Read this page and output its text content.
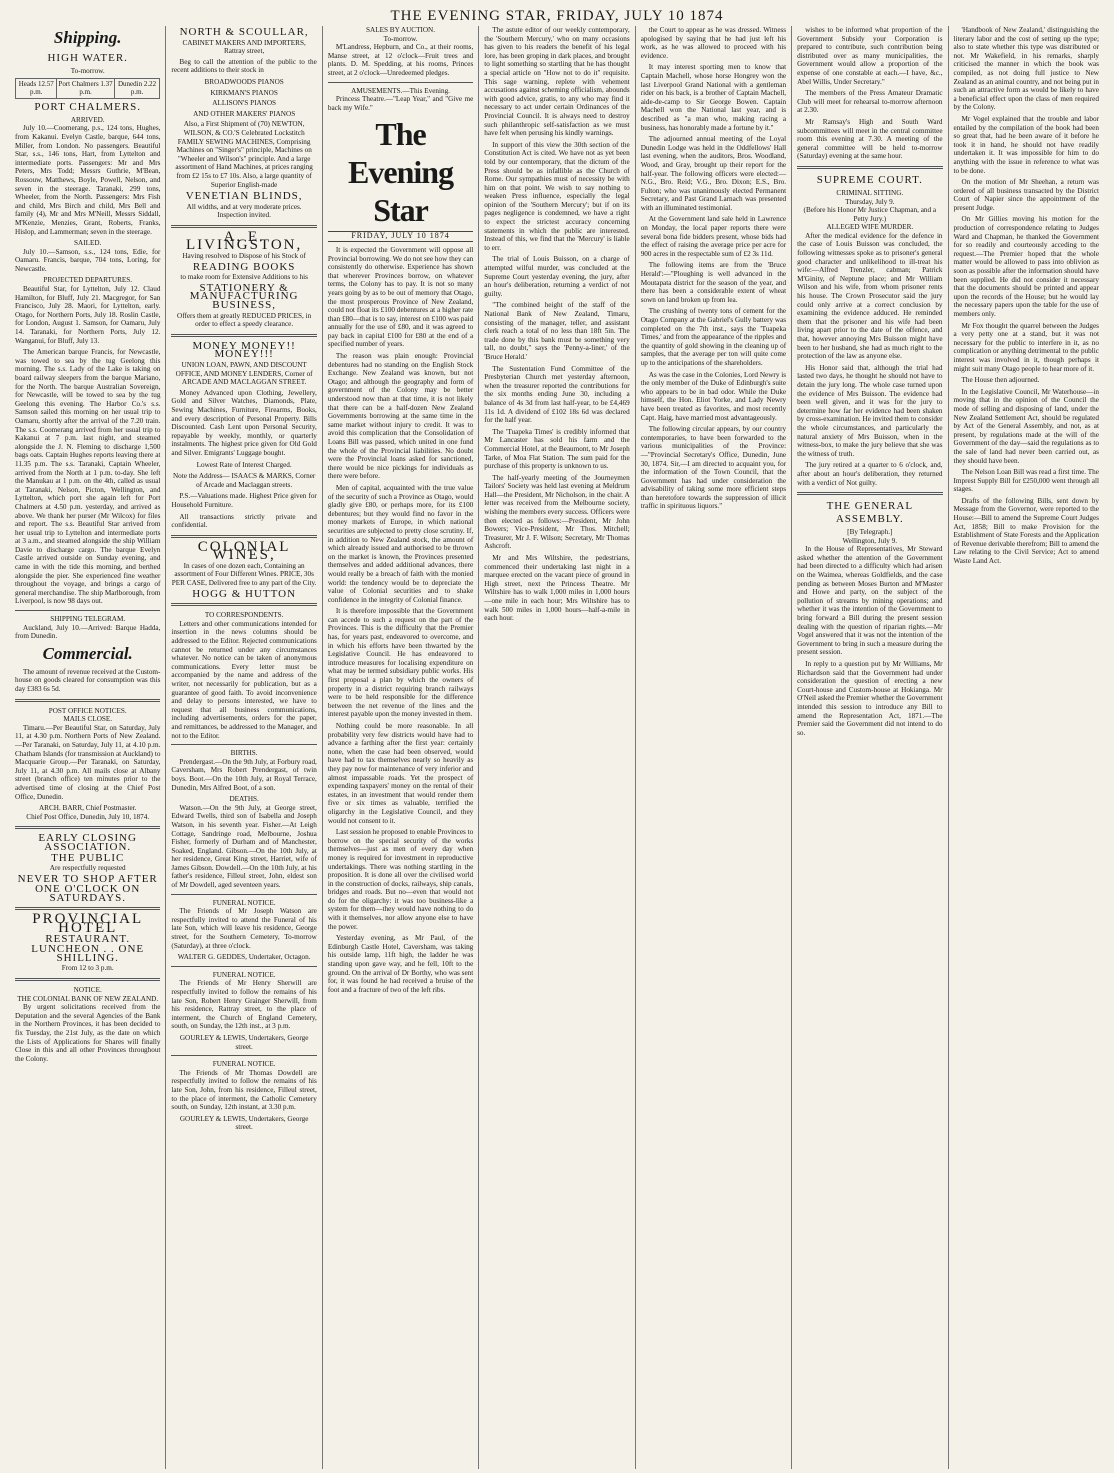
THE EVENING STAR, FRIDAY, JULY 10 1874
Shipping.
HIGH WATER.
To-morrow.
Heads 12.57 p.m.	Port Chalmers 1.37 p.m.	Dunedin 2.22 p.m.
PORT CHALMERS.
ARRIVED.

July 10.—Coomerang, p.s., 124 tons, Hughes, from Kakanui. Evelyn Castle, barque, 644 tons, Miller, from London. No passengers. Beautiful Star, s.s., 146 tons, Hart, from Lyttelton and intermediate ports. Passengers: Mr and Mrs Peters, Mrs Todd; Messrs Guthrie, M'Bean, Rossouw, Matthews, Boyle, Powell, Nelson, and seven in the steerage. Taranaki, 299 tons, Wheeler, from the North. Passengers: Mrs Fish and child, Mrs Birch and child, Mrs Bell and family (4), Mr and Mrs M'Neill, Messrs Siddall, M'Kenzie, Menzies, Grant, Roberts, Franks, Hislop, and Lammerman; seven in the steerage.

SAILED.

July 10.—Samson, s.s., 124 tons, Edie, for Oamaru. Francis, barque, 704 tons, Loring, for Newcastle.

PROJECTED DEPARTURES.

Beautiful Star, for Lyttelton, July 12. Claud Hamilton, for Bluff, July 21. Macgregor, for San Francisco, July 28. Maori, for Lyttelton, early. Otago, for Northern Ports, July 18. Roslin Castle, for London, August 1. Samson, for Oamaru, July 14. Taranaki, for Northern Ports, July 12. Wanganui, for Bluff, July 13.

The American barque Francis, for Newcastle, was towed to sea by the tug Geelong this morning. The s.s. Lady of the Lake is taking on board railway sleepers from the barque Mariano, for the North. The barque Australian Sovereign, for Newcastle, will be towed to sea by the tug Geelong this evening. The Harbor Co.'s s.s. Samson sailed this morning on her usual trip to Oamaru, shortly after the arrival of the 7.20 train. The s.s. Coomerang arrived from her usual trip to Kakanui at 7 p.m. last night, and steamed alongside the J. N. Fleming to discharge 1,500 bags oats. Captain Hughes reports leaving there at 11.35 p.m. The s.s. Taranaki, Captain Wheeler, arrived from the North at 1 p.m. to-day. She left the Manukau at 1 p.m. on the 4th, called as usual at Taranaki, Nelson, Picton, Wellington, and Lyttelton, which port she again left for Port Chalmers at 4.50 p.m. yesterday, and arrived as above. We thank her purser (Mr Wilcox) for files and report. The s.s. Beautiful Star arrived from her usual trip to Lyttelton and intermediate ports at 3 a.m., and steamed alongside the ship William Davie to discharge cargo. The barque Evelyn Castle arrived outside on Sunday evening, and came in with the tide this morning, and berthed alongside the pier. She experienced fine weather throughout the voyage, and brings a cargo of general merchandise. The ship Marlborough, from Liverpool, is now 98 days out.

SHIPPING TELEGRAM.

Auckland, July 10.—Arrived: Barque Hadda, from Dunedin.

Commercial.

The amount of revenue received at the Custom-house on goods cleared for consumption was this day £383 6s 5d.

POST OFFICE NOTICES.
MAILS CLOSE.

Timaru.—Per Beautiful Star, on Saturday, July 11, at 4.30 p.m. Northern Ports of New Zealand.—Per Taranaki, on Saturday, July 11, at 4.10 p.m. Chatham Islands (for transmission at Auckland) to Macquarie Group.—Per Taranaki, on Saturday, July 11, at 4.30 p.m. All mails close at Albany street (branch office) ten minutes prior to the advertised time of closing at the Chief Post Office, Dunedin.

ARCH. BARR, Chief Postmaster.
Chief Post Office, Dunedin, July 10, 1874.
EARLY CLOSING ASSOCIATION.
THE PUBLIC
Are respectfully requested
NEVER TO SHOP AFTER
ONE O'CLOCK ON SATURDAYS.
PROVINCIAL HOTEL
RESTAURANT.
LUNCHEON . . ONE SHILLING.
From 12 to 3 p.m.
NOTICE.
THE COLONIAL BANK OF NEW ZEALAND.

By urgent solicitations received from the Deputation and the several Agencies of the Bank in the Northern Provinces, it has been decided to fix Tuesday, the 21st July, as the date on which the Lists of Applications for Shares will finally Close in this and all other Provinces throughout the Colony.

NORTH & SCOULLAR,
CABINET MAKERS AND IMPORTERS, Rattray street,

Beg to call the attention of the public to the recent additions to their stock in

BROADWOODS PIANOS
KIRKMAN'S PIANOS
ALLISON'S PIANOS
AND OTHER MAKERS' PIANOS

Also, a First Shipment of (70) NEWTON, WILSON, & CO.'S Celebrated Lockstitch FAMILY SEWING MACHINES, Comprising Machines on "Singer's" principle, Machines on "Wheeler and Wilson's" principle. And a large assortment of Hand Machines, at prices ranging from £2 15s to £7 10s. Also, a large quantity of Superior English-made

VENETIAN BLINDS,

All widths, and at very moderate prices. Inspection invited.

A. E. LIVINGSTON,
Having resolved to Dispose of his Stock of
READING BOOKS
to make room for Extensive Additions to his
STATIONERY & MANUFACTURING BUSINESS,
Offers them at greatly REDUCED PRICES, in order to effect a speedy clearance.
MONEY MONEY!! MONEY!!!
UNION LOAN, PAWN, AND DISCOUNT OFFICE, AND MONEY LENDERS, Corner of ARCADE AND MACLAGGAN STREET.

Money Advanced upon Clothing, Jewellery, Gold and Silver Watches, Diamonds, Plate, Sewing Machines, Furniture, Firearms, Books, and every description of Personal Property. Bills Discounted. Cash Lent upon Personal Security, repayable by weekly, monthly, or quarterly instalments. The highest price given for Old Gold and Silver. Emigrants' Luggage bought.

Lowest Rate of Interest Charged.

Note the Address— ISAACS & MARKS, Corner of Arcade and Maclaggan streets.

P.S.—Valuations made. Highest Price given for Household Furniture.

All transactions strictly private and confidential.

COLONIAL WINES,
In cases of one dozen each, Containing an assortment of Four Different Wines. PRICE, 30s PER CASE, Delivered free to any part of the City.
HOGG & HUTTON
TO CORRESPONDENTS.

Letters and other communications intended for insertion in the news columns should be addressed to the Editor. Rejected communications cannot be returned under any circumstances whatever. No notice can be taken of anonymous communications. Every letter must be accompanied by the name and address of the writer, not necessarily for publication, but as a guarantee of good faith. To avoid inconvenience and delay to persons interested, we have to request that all business communications, including advertisements, orders for the paper, and remittances, be addressed to the Manager, and not to the Editor.

BIRTHS.

Prendergast.—On the 9th July, at Forbury road, Caversham, Mrs Robert Prendergast, of twin boys. Boot.—On the 10th July, at Royal Terrace, Dunedin, Mrs Alfred Boot, of a son.

DEATHS.

Watson.—On the 9th July, at George street, Edward Twells, third son of Isabella and Joseph Watson, in his seventh year. Fisher.—At Leigh Cottage, Sandringe road, Melbourne, Joshua Fisher, formerly of Durham and of Manchester, Soaked, England. Gibson.—On the 10th July, at her residence, Great King street, Harriet, wife of James Gibson. Dowdell.—On the 10th July, at his father's residence, Filleul street, John, eldest son of Mr Dowdell, aged seventeen years.

FUNERAL NOTICE.

The Friends of Mr Joseph Watson are respectfully invited to attend the Funeral of his late Son, which will leave his residence, George street, for the Southern Cemetery, To-morrow (Saturday), at three o'clock.

WALTER G. GEDDES, Undertaker, Octagon.
FUNERAL NOTICE.

The Friends of Mr Henry Sherwill are respectfully invited to follow the remains of his late Son, Robert Henry Grainger Sherwill, from his residence, Rattray street, to the place of interment, the Church of England Cemetery, south, on Sunday, the 12th inst., at 3 p.m.

GOURLEY & LEWIS, Undertakers, George street.
FUNERAL NOTICE.

The Friends of Mr Thomas Dowdell are respectfully invited to follow the remains of his late Son, John, from his residence, Filleul street, to the place of interment, the Catholic Cemetery south, on Sunday, 12th instant, at 3.30 p.m.

GOURLEY & LEWIS, Undertakers, George street.
SALES BY AUCTION.
To-morrow.

M'Landress, Hepburn, and Co., at their rooms, Manse street, at 12 o'clock—Fruit trees and plants. D. M. Spedding, at his rooms, Princes street, at 2 o'clock—Unredeemed pledges.

AMUSEMENTS.—This Evening.

Princess Theatre.—"Leap Year," and "Give me back my Wife."

The Evening Star
FRIDAY, JULY 10 1874

It is expected the Government will oppose all Provincial borrowing. We do not see how they can consistently do otherwise. Experience has shown that wherever Provinces borrow, on whatever terms, the Colony has to pay. It is not so many years going by as to be out of memory that Otago, the most prosperous Province of New Zealand, could not float its £100 debentures at a higher rate than £80—that is to say, interest on £100 was paid annually for the use of £80, and it was agreed to pay back in capital £100 for £80 at the end of a specified number of years.

The reason was plain enough: Provincial debentures had no standing on the English Stock Exchange. New Zealand was known, but not Otago; and although the geography and form of government of the Colony may be better understood now than at that time, it is not likely that there can be a half-dozen New Zealand Governments borrowing at the same time in the same market without injury to credit. It was to avoid this complication that the Consolidation of Loans Bill was passed, which united in one fund the whole of the Provincial liabilities. No doubt were the Provincial loans asked for sanctioned, there would be nice pickings for individuals as there were before.

Men of capital, acquainted with the true value of the security of such a Province as Otago, would gladly give £80, or perhaps more, for its £100 debentures; but they would find no favor in the money markets of Europe, in which national securities are subjected to pretty close scrutiny. If, in addition to New Zealand stock, the amount of which already issued and authorised to be thrown on the market is known, the Provinces presented themselves and added additional advances, there would really be a breach of faith with the monied world: the tendency would be to depreciate the value of Colonial securities and to shake confidence in the integrity of Colonial finance.

It is therefore impossible that the Government can accede to such a request on the part of the Provinces. This is the difficulty that the Premier has, for years past, endeavored to overcome, and in which his efforts have been thwarted by the Legislative Council. He has endeavored to introduce measures for localising expenditure on what may be termed subsidiary public works. His first proposal a plan by which the owners of property in a district requiring branch railways were to be held responsible for the difference between the net revenue of the lines and the interest payable upon the money invested in them.

Nothing could be more reasonable. In all probability very few districts would have had to advance a farthing after the first year: certainly none, when the case had been observed, would have had to tax themselves nearly so heavily as they pay now for maintenance of very inferior and almost impassable roads. Yet the prospect of expending taxpayers' money on the rental of their estates, in an investment that would render them five or six times as valuable, terrified the oligarchy in the Legislative Council, and they would not consent to it.

Last session he proposed to enable Provinces to borrow on the special security of the works themselves—just as men of every day when money is required for investment in reproductive undertakings. There was nothing startling in the proposition. It is done all over the civilised world in the construction of docks, railways, ship canals, bridges and roads. But no—even that would not do for the oligarchy: it was too business-like a system for them—they would have nothing to do with it themselves, nor allow anyone else to have the power.

Yesterday evening, as Mr Paul, of the Edinburgh Castle Hotel, Caversham, was taking his outside lamp, 11ft high, the ladder he was standing upon gave way, and he fell, 10ft to the ground. On the arrival of Dr Borthy, who was sent for, it was found he had received a bruise of the foot and a fracture of two of the left ribs.

The astute editor of our weekly contemporary, the 'Southern Mercury,' who on many occasions has given to his readers the benefit of his legal lore, has been groping in dark places, and brought to light something so startling that he has thought a special article on "How not to do it" requisite. This sage warning, replete with vehement accusations against scheming officialism, abounds with good advice, gratis, to any who may find it necessary to act under certain Ordinances of the Provincial Council. It is always need to destroy such philanthropic self-satisfaction as we must have felt when perusing his kindly warnings.

In support of this view the 30th section of the Constitution Act is cited. We have not as yet been told by our contemporary, that the dictum of the Press should be as infallible as the Church of Rome. Our sympathies must of necessity be with him on that point. We wish to say nothing to weaken Press influence, especially the legal opinion of the 'Southern Mercury'; but if on its pages negligence is condemned, we have a right to expect the strictest accuracy concerning statements in which the public are interested. Instead of this, we find that the 'Mercury' is liable to err.

The trial of Louis Buisson, on a charge of attempted wilful murder, was concluded at the Supreme Court yesterday evening, the jury, after an hour's deliberation, returning a verdict of not guilty.

"The combined height of the staff of the National Bank of New Zealand, Timaru, consisting of the manager, teller, and assistant clerk reach a total of no less than 18ft 5in. The trade done by this bank must be something very tall, no doubt," says the 'Penny-a-liner,' of the 'Bruce Herald.'

The Sustentation Fund Committee of the Presbyterian Church met yesterday afternoon, when the treasurer reported the contributions for the six months ending June 30, including a balance of 4s 3d from last half-year, to be £4,469 11s 1d. A dividend of £102 18s 6d was declared for the half year.

The 'Tuapeka Times' is credibly informed that Mr Lancaster has sold his farm and the Commercial Hotel, at the Beaumont, to Mr Joseph Tarke, of Moa Flat Station. The sum paid for the purchase of this property is unknown to us.

The half-yearly meeting of the Journeymen Tailors' Society was held last evening at Meldrum Hall—the President, Mr Nicholson, in the chair. A letter was received from the Melbourne society, wishing the members every success. Officers were then elected as follows:—President, Mr John Bowers; Vice-President, Mr Thos. Mitchell; Treasurer, Mr J. F. Wilson; Secretary, Mr Thomas Ashcroft.

Mr and Mrs Wiltshire, the pedestrians, commenced their undertaking last night in a marquee erected on the vacant piece of ground in High street, next the Princess Theatre. Mr Wiltshire has to walk 1,000 miles in 1,000 hours—one mile in each hour; Mrs Wiltshire has to walk 500 miles in 1,000 hours—half-a-mile in each hour.

the Court to appear as he was dressed. Witness apologised by saying that he had just left his work, as he was allowed to proceed with his evidence.

It may interest sporting men to know that Captain Machell, whose horse Hongrey won the last Liverpool Grand National with a gentleman rider on his back, is a brother of Captain Machell, aide-de-camp to Sir George Bowen. Captain Machell won the National last year, and is described as "a man who, making racing a business, has honorably made a fortune by it."

The adjourned annual meeting of the Loyal Dunedin Lodge was held in the Oddfellows' Hall last evening, when the auditors, Bros. Woodland, Wood, and Gray, brought up their report for the half-year. The following officers were elected:—N.G., Bro. Reid; V.G., Bro. Dixon; E.S., Bro. Fulton; who was unanimously elected Permanent Secretary, and Past Grand Larnach was presented with an illuminated testimonial.

At the Government land sale held in Lawrence on Monday, the local paper reports there were several bona fide bidders present, whose bids had the effect of raising the average price per acre for 900 acres in the respectable sum of £2 3s 11d.

The following items are from the 'Bruce Herald':—"Ploughing is well advanced in the Moutapata district for the season of the year, and there has been a considerable extent of wheat sown on land broken up from lea.

The crushing of twenty tons of cement for the Otago Company at the Gabriel's Gully battery was completed on the 7th inst., says the 'Tuapeka Times,' and from the appearance of the ripples and the quantity of gold showing in the cleaning up of samples, that the average per ton will quite come up to the anticipations of the shareholders.

As was the case in the Colonies, Lord Newry is the only member of the Duke of Edinburgh's suite who appears to be in bad odor. While the Duke himself, the Hon. Eliot Yorke, and Lady Newry have been treated as favorites, and most recently Capt. Haig, have married most advantageously.

The following circular appears, by our country contemporaries, to have been forwarded to the various municipalities of the Province:—"Provincial Secretary's Office, Dunedin, June 30, 1874. Sir,—I am directed to acquaint you, for the information of the Town Council, that the Government has had under consideration the advisability of taking some more efficient steps than heretofore towards the suppression of illicit traffic in spirituous liquors."

wishes to be informed what proportion of the Government Subsidy your Corporation is prepared to contribute, such contribution being distributed over as many municipalities, the Government would allow a proportion of the expense of one constable at each.—I have, &c., Abel Willis, Under Secretary."

The members of the Press Amateur Dramatic Club will meet for rehearsal to-morrow afternoon at 2.30.

Mr Ramsay's High and South Ward subcommittees will meet in the central committee room this evening at 7.30. A meeting of the general committee will be held to-morrow (Saturday) evening at the same hour.

SUPREME COURT.
CRIMINAL SITTING.
Thursday, July 9.
(Before his Honor Mr Justice Chapman, and a Petty Jury.)
ALLEGED WIFE MURDER.

After the medical evidence for the defence in the case of Louis Buisson was concluded, the following witnesses spoke as to prisoner's general good character and unlikelihood to ill-treat his wife:—Alfred Trenzler, cabman; Patrick M'Ginity, of Neptune place; and Mr William Wilson and his wife, from whom prisoner rents his house. The Crown Prosecutor said the jury could only arrive at a correct conclusion by examining the evidence adduced. He reminded them that the prisoner and his wife had been living apart prior to the date of the offence, and that, however annoying Mrs Buisson might have been to her husband, she had as much right to the protection of the law as anyone else.

His Honor said that, although the trial had lasted two days, he thought he should not have to detain the jury long. The whole case turned upon the evidence of Mrs Buisson. The evidence had been well given, and it was for the jury to determine how far her evidence had been shaken by cross-examination. He invited them to consider the whole circumstances, and particularly the natural anxiety of Mrs Buisson, when in the witness-box, to make the jury believe that she was the witness of truth.

The jury retired at a quarter to 6 o'clock, and, after about an hour's deliberation, they returned with a verdict of Not guilty.

THE GENERAL ASSEMBLY.
[By Telegraph.]
Wellington, July 9.

In the House of Representatives, Mr Steward asked whether the attention of the Government had been directed to a difficulty which had arisen on the Waimea, whereas Goldfields, and the case pending as between Moses Burton and M'Master and Howe and party, on the subject of the pollution of streams by mining operations; and whether it was the intention of the Government to bring forward a Bill during the present session dealing with the question of riparian rights.—Mr Vogel answered that it was not the intention of the Government to bring in such a measure during the present session.

In reply to a question put by Mr Williams, Mr Richardson said that the Government had under consideration the question of erecting a new Court-house and Custom-house at Hokianga. Mr O'Neil asked the Premier whether the Government intended this session to introduce any Bill to amend the Representation Act, 1871.—The Premier said the Government did not intend to do so.

'Handbook of New Zealand,' distinguishing the literary labor and the cost of setting up the type; also to state whether this type was distributed or not. Mr Wakefield, in his remarks, sharply criticised the manner in which the book was compiled, as not doing full justice to New Zealand as an animal country, and not being put in such an attractive form as would be likely to have a beneficial effect upon the class of men required by the Colony.

Mr Vogel explained that the trouble and labor entailed by the compilation of the book had been so great that, had he been aware of it before he took it in hand, he should not have readily undertaken it. It was impossible for him to do anything with the issue in reference to what was to be done.

On the motion of Mr Sheehan, a return was ordered of all business transacted by the District Court of Napier since the appointment of the present Judge.

On Mr Gillies moving his motion for the production of correspondence relating to Judges Ward and Chapman, he thanked the Government for so readily and courteously acceding to the request.—The Premier hoped that the whole matter would be allowed to pass into oblivion as soon as possible after the information should have been supplied. He did not consider it necessary that the documents should be printed and appear upon the records of the House; but he would lay the necessary papers upon the table for the use of members only.

Mr Fox thought the quarrel between the Judges a very petty one at a stand, but it was not necessary for the public to interfere in it, as no complication or anything detrimental to the public interest was involved in it, though perhaps it might suit many Otago people to hear more of it.

The House then adjourned.

In the Legislative Council, Mr Waterhouse—in moving that in the opinion of the Council the mode of selling and disposing of land, under the New Zealand Settlement Act, should be regulated by Act of the General Assembly, and not, as at present, by regulations made at the will of the Government of the day—said the regulations as to the sale of land had never been carried out, as they should have been.

The Nelson Loan Bill was read a first time. The Imprest Supply Bill for £250,000 went through all stages.

Drafts of the following Bills, sent down by Message from the Governor, were reported to the House:—Bill to amend the Supreme Court Judges Act, 1858; Bill to make Provision for the Establishment of State Forests and the Application of Revenue derivable therefrom; Bill to amend the Law relating to the Civil Service; Act to amend Waste Land Act.
